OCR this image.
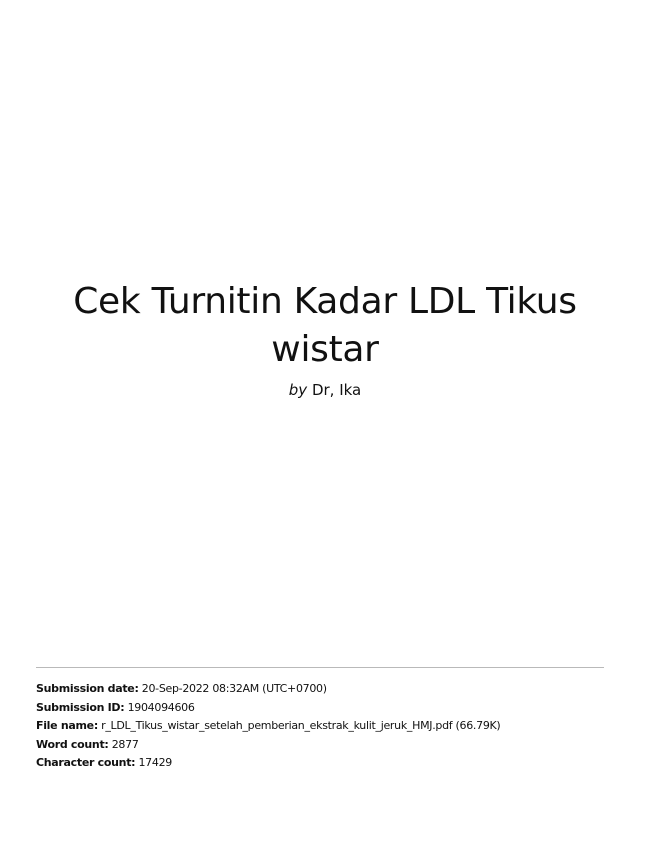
Cek Turnitin Kadar LDL Tikus wistar
by Dr, Ika
Submission date: 20-Sep-2022 08:32AM (UTC+0700)
Submission ID: 1904094606
File name: r_LDL_Tikus_wistar_setelah_pemberian_ekstrak_kulit_jeruk_HMJ.pdf (66.79K)
Word count: 2877
Character count: 17429
